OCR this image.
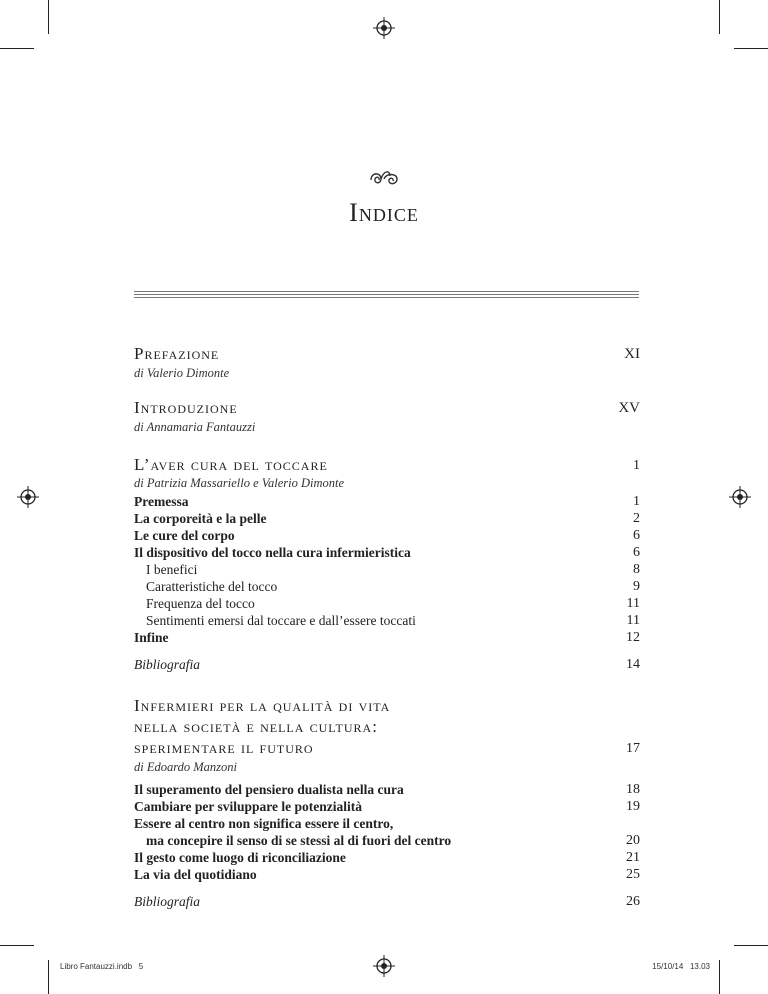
Indice
Prefazione	XI
di Valerio Dimonte
Introduzione	XV
di Annamaria Fantauzzi
L’aver cura del toccare	1
di Patrizia Massariello e Valerio Dimonte
Premessa	1
La corporeità e la pelle	2
Le cure del corpo	6
Il dispositivo del tocco nella cura infermieristica	6
I benefici	8
Caratteristiche del tocco	9
Frequenza del tocco	11
Sentimenti emersi dal toccare e dall’essere toccati	11
Infine	12
Bibliografia	14
Infermieri per la qualità di vita
nella società e nella cultura:
sperimentare il futuro	17
di Edoardo Manzoni
Il superamento del pensiero dualista nella cura	18
Cambiare per sviluppare le potenzialità	19
Essere al centro non significa essere il centro,
ma concepire il senso di se stessi al di fuori del centro	20
Il gesto come luogo di riconciliazione	21
La via del quotidiano	25
Bibliografia	26
Libro Fantauzzi.indb   5	15/10/14   13.03
